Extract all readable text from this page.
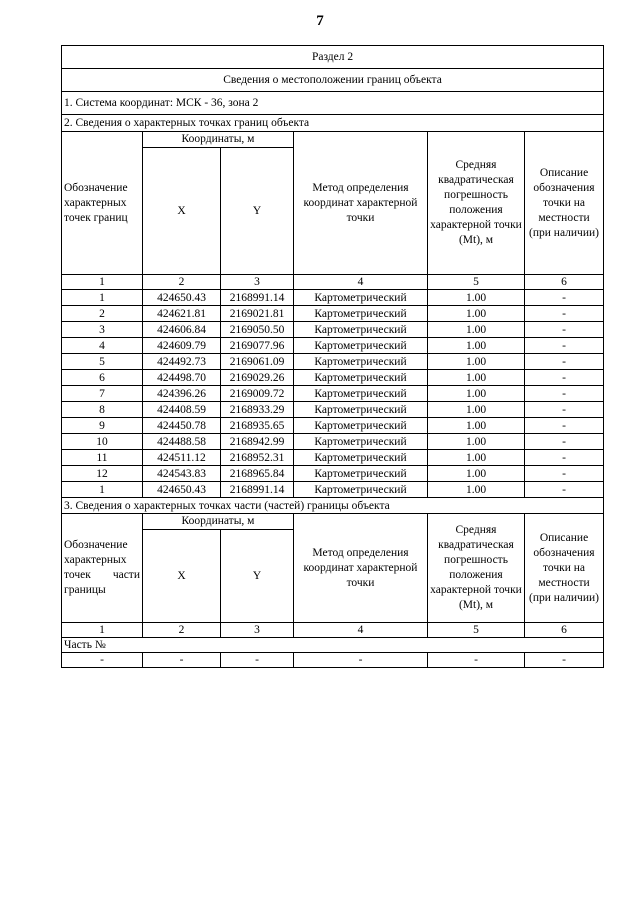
7
Раздел 2					
Сведения о местоположении границ объекта					
1. Система координат: МСК - 36, зона 2					
2. Сведения о характерных точках границ объекта					
Обозначение характерных точек границ	Координаты, м		Метод определения координат характерной точки	Средняя квадратическая погрешность положения характерной точки (Mt), м	Описание обозначения точки на местности (при наличии)
	X	Y			
1	2	3	4	5	6
1	424650.43	2168991.14	Картометрический	1.00	-
2	424621.81	2169021.81	Картометрический	1.00	-
3	424606.84	2169050.50	Картометрический	1.00	-
4	424609.79	2169077.96	Картометрический	1.00	-
5	424492.73	2169061.09	Картометрический	1.00	-
6	424498.70	2169029.26	Картометрический	1.00	-
7	424396.26	2169009.72	Картометрический	1.00	-
8	424408.59	2168933.29	Картометрический	1.00	-
9	424450.78	2168935.65	Картометрический	1.00	-
10	424488.58	2168942.99	Картометрический	1.00	-
11	424511.12	2168952.31	Картометрический	1.00	-
12	424543.83	2168965.84	Картометрический	1.00	-
1	424650.43	2168991.14	Картометрический	1.00	-
3. Сведения о характерных точках части (частей) границы объекта					
Обозначение характерных точек части границы	Координаты, м		Метод определения координат характерной точки	Средняя квадратическая погрешность положения характерной точки (Mt), м	Описание обозначения точки на местности (при наличии)
	X	Y			
1	2	3	4	5	6
Часть №					
-	-	-	-	-	-
